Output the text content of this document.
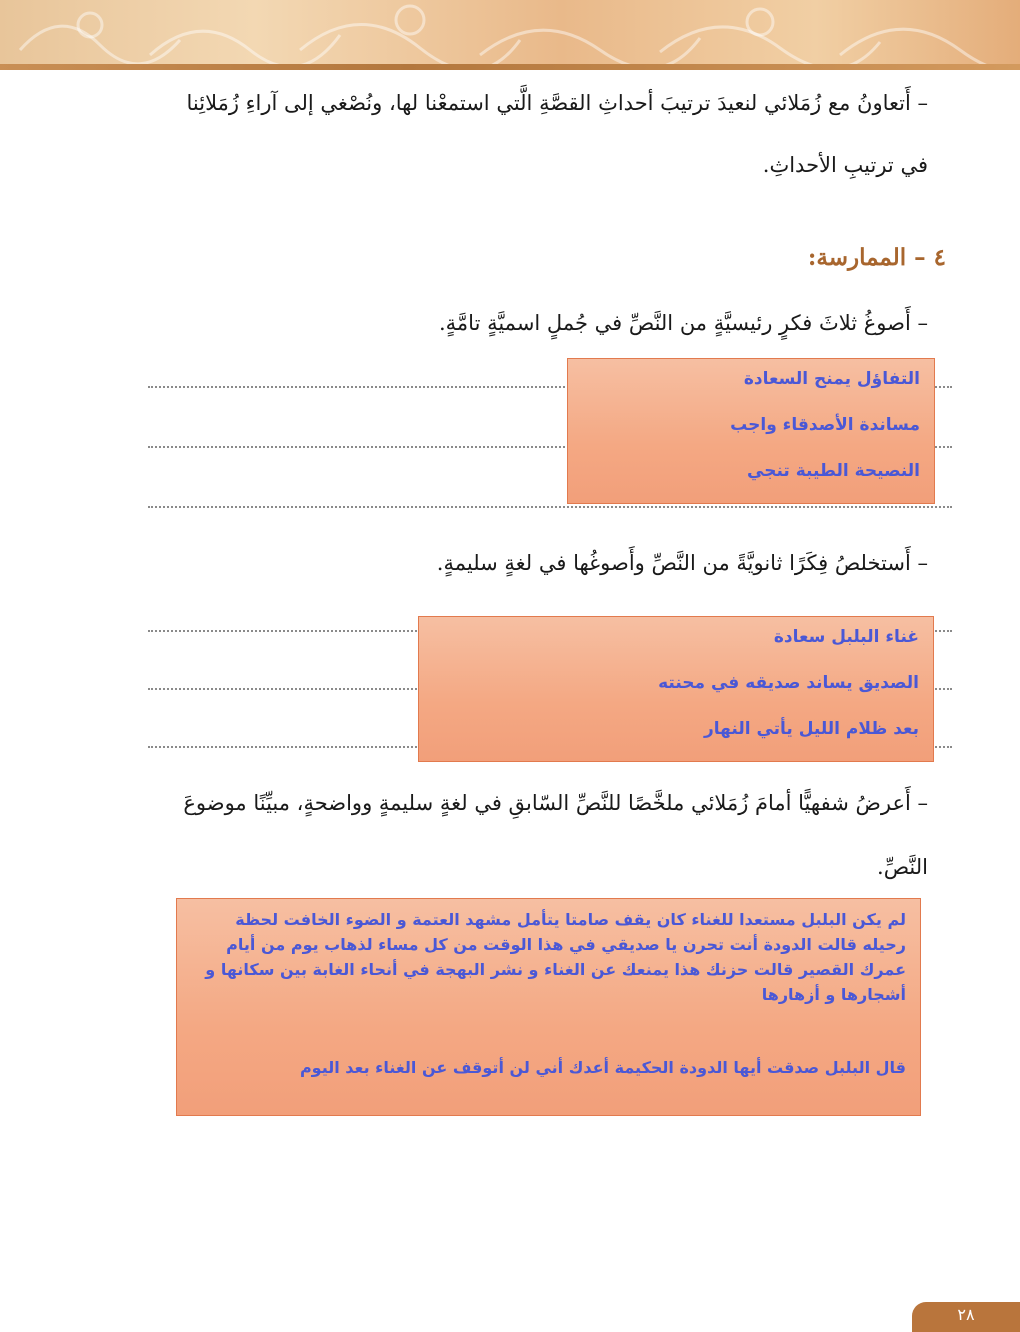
– أَتعاونُ مع زُمَلائي لنعيدَ ترتيبَ أحداثِ القصَّةِ الَّتي استمعْنا لها، ونُصْغي إلى آراءِ زُمَلائِنا
في ترتيبِ الأحداثِ.
٤ – الممارسة:
– أَصوغُ ثلاثَ فكرٍ رئيسيَّةٍ من النَّصِّ في جُملٍ اسميَّةٍ تامَّةٍ.
التفاؤل يمنح السعادة
مساندة الأصدقاء واجب
النصيحة الطيبة تنجي
– أَستخلصُ فِكَرًا ثانويَّةً من النَّصِّ وأَصوغُها في لغةٍ سليمةٍ.
غناء البلبل سعادة
الصديق يساند صديقه في محنته
بعد ظلام الليل يأتي النهار
– أَعرضُ شفهيًّا أمامَ زُمَلائي ملخَّصًا للنَّصِّ السّابقِ في لغةٍ سليمةٍ وواضحةٍ، مبيِّنًا موضوعَ
النَّصِّ.
لم يكن البلبل مستعدا للغناء كان يقف صامتا يتأمل مشهد العتمة و الضوء الخافت لحظة رحيله قالت الدودة أنت تحرن يا صديقي في هذا الوقت من كل مساء لذهاب يوم من أيام عمرك القصير قالت حزنك هذا يمنعك عن الغناء و نشر البهجة في أنحاء الغابة بين سكانها و أشجارها و أزهارها
قال البلبل صدقت أيها الدودة الحكيمة أعدك أني لن أتوقف عن الغناء بعد اليوم
٢٨
